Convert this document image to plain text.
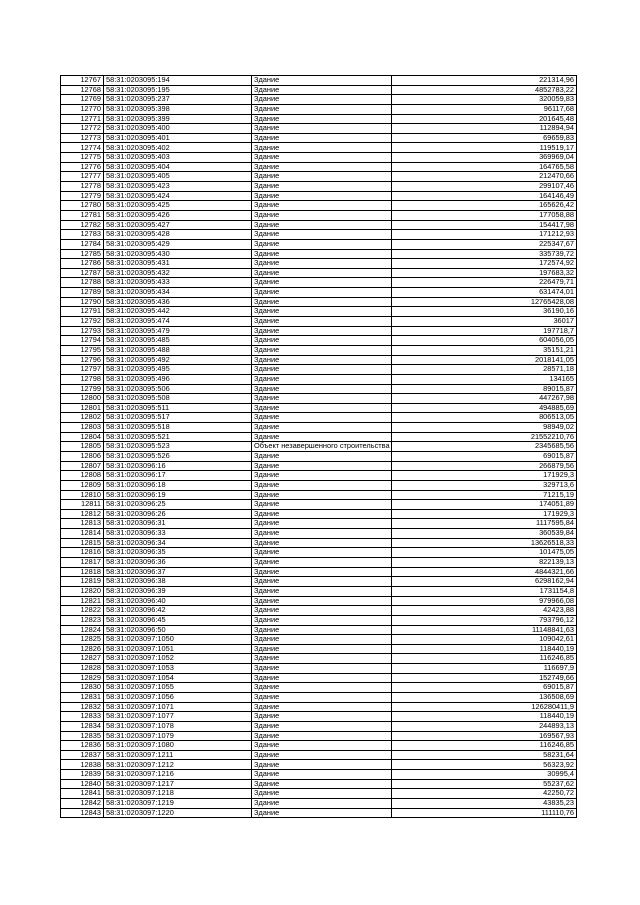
12767	58:31:0203095:194	Здание	221314,96
12768	58:31:0203095:195	Здание	4852783,22
12769	58:31:0203095:237	Здание	320059,83
12770	58:31:0203095:398	Здание	96117,68
12771	58:31:0203095:399	Здание	201645,48
12772	58:31:0203095:400	Здание	112894,94
12773	58:31:0203095:401	Здание	69659,83
12774	58:31:0203095:402	Здание	119519,17
12775	58:31:0203095:403	Здание	369969,04
12776	58:31:0203095:404	Здание	164765,58
12777	58:31:0203095:405	Здание	212470,66
12778	58:31:0203095:423	Здание	299107,46
12779	58:31:0203095:424	Здание	164146,49
12780	58:31:0203095:425	Здание	165626,42
12781	58:31:0203095:426	Здание	177058,88
12782	58:31:0203095:427	Здание	154417,98
12783	58:31:0203095:428	Здание	171212,93
12784	58:31:0203095:429	Здание	225347,67
12785	58:31:0203095:430	Здание	335739,72
12786	58:31:0203095:431	Здание	172574,92
12787	58:31:0203095:432	Здание	197683,32
12788	58:31:0203095:433	Здание	226479,71
12789	58:31:0203095:434	Здание	631474,01
12790	58:31:0203095:436	Здание	12765428,08
12791	58:31:0203095:442	Здание	36190,16
12792	58:31:0203095:474	Здание	36017
12793	58:31:0203095:479	Здание	197718,7
12794	58:31:0203095:485	Здание	604056,05
12795	58:31:0203095:488	Здание	35151,21
12796	58:31:0203095:492	Здание	2018141,05
12797	58:31:0203095:495	Здание	28571,18
12798	58:31:0203095:496	Здание	134165
12799	58:31:0203095:506	Здание	89015,87
12800	58:31:0203095:508	Здание	447267,98
12801	58:31:0203095:511	Здание	494885,69
12802	58:31:0203095:517	Здание	806513,05
12803	58:31:0203095:518	Здание	98949,02
12804	58:31:0203095:521	Здание	21552210,76
12805	58:31:0203095:523	Объект незавершенного строительства	2345685,56
12806	58:31:0203095:526	Здание	69015,87
12807	58:31:0203096:16	Здание	266879,56
12808	58:31:0203096:17	Здание	171929,3
12809	58:31:0203096:18	Здание	329713,6
12810	58:31:0203096:19	Здание	71215,19
12811	58:31:0203096:25	Здание	174051,89
12812	58:31:0203096:26	Здание	171929,3
12813	58:31:0203096:31	Здание	1117595,84
12814	58:31:0203096:33	Здание	360539,84
12815	58:31:0203096:34	Здание	13626518,33
12816	58:31:0203096:35	Здание	101475,05
12817	58:31:0203096:36	Здание	822139,13
12818	58:31:0203096:37	Здание	4844321,66
12819	58:31:0203096:38	Здание	6298162,94
12820	58:31:0203096:39	Здание	1731154,8
12821	58:31:0203096:40	Здание	979966,08
12822	58:31:0203096:42	Здание	42423,88
12823	58:31:0203096:45	Здание	793796,12
12824	58:31:0203096:50	Здание	11148841,63
12825	58:31:0203097:1050	Здание	109042,61
12826	58:31:0203097:1051	Здание	118440,19
12827	58:31:0203097:1052	Здание	116246,85
12828	58:31:0203097:1053	Здание	116697,9
12829	58:31:0203097:1054	Здание	152749,66
12830	58:31:0203097:1055	Здание	69015,87
12831	58:31:0203097:1056	Здание	136508,69
12832	58:31:0203097:1071	Здание	126280411,9
12833	58:31:0203097:1077	Здание	118440,19
12834	58:31:0203097:1078	Здание	244893,13
12835	58:31:0203097:1079	Здание	169567,93
12836	58:31:0203097:1080	Здание	116246,85
12837	58:31:0203097:1211	Здание	58231,64
12838	58:31:0203097:1212	Здание	56323,92
12839	58:31:0203097:1216	Здание	30995,4
12840	58:31:0203097:1217	Здание	55237,62
12841	58:31:0203097:1218	Здание	42250,72
12842	58:31:0203097:1219	Здание	43835,23
12843	58:31:0203097:1220	Здание	111110,76
